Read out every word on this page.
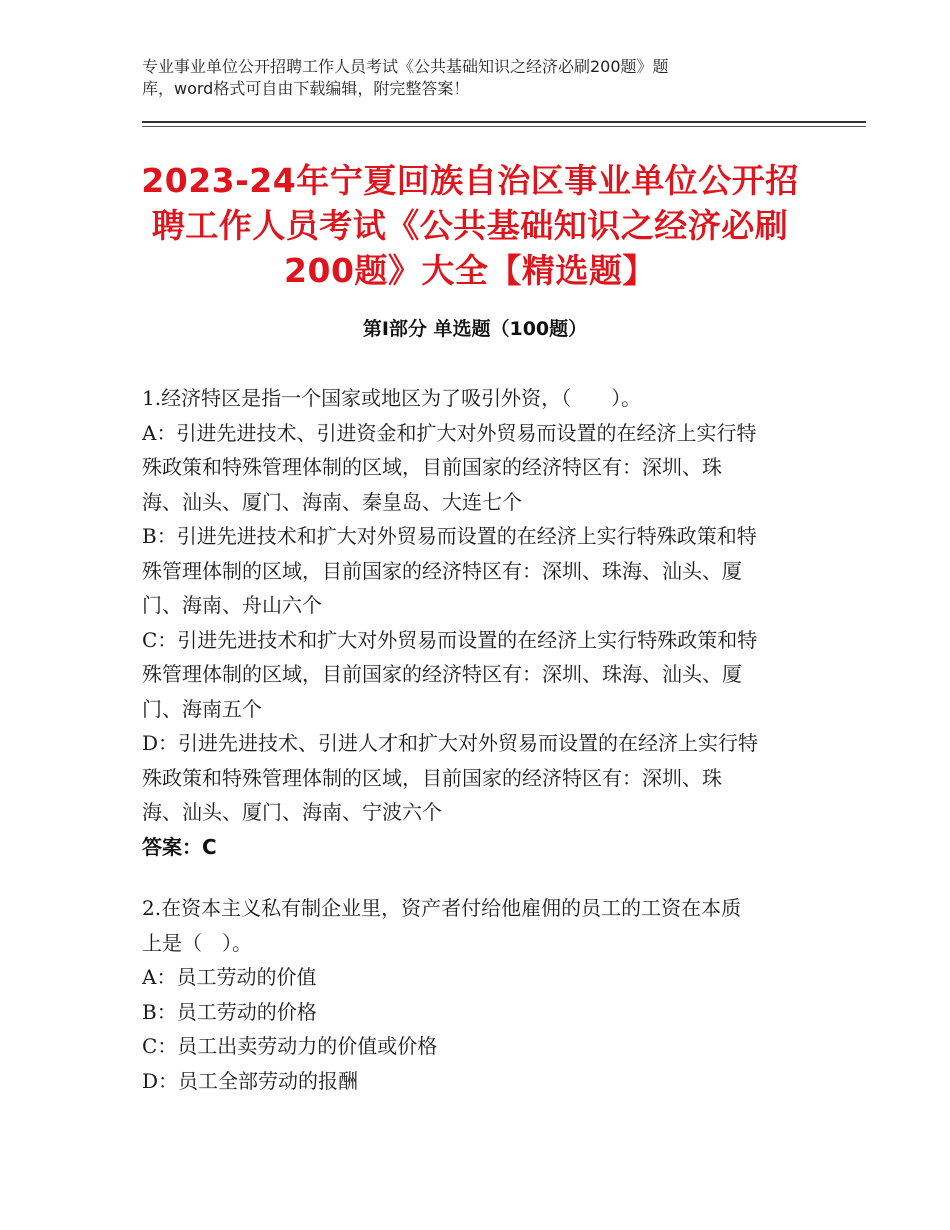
专业事业单位公开招聘工作人员考试《公共基础知识之经济必刷200题》题
库，word格式可自由下载编辑，附完整答案！
2023-24年宁夏回族自治区事业单位公开招
聘工作人员考试《公共基础知识之经济必刷
200题》大全【精选题】
第Ⅰ部分 单选题（100题）
1.经济特区是指一个国家或地区为了吸引外资，（　　）。
A：引进先进技术、引进资金和扩大对外贸易而设置的在经济上实行特
殊政策和特殊管理体制的区域，目前国家的经济特区有：深圳、珠
海、汕头、厦门、海南、秦皇岛、大连七个
B：引进先进技术和扩大对外贸易而设置的在经济上实行特殊政策和特
殊管理体制的区域，目前国家的经济特区有：深圳、珠海、汕头、厦
门、海南、舟山六个
C：引进先进技术和扩大对外贸易而设置的在经济上实行特殊政策和特
殊管理体制的区域，目前国家的经济特区有：深圳、珠海、汕头、厦
门、海南五个
D：引进先进技术、引进人才和扩大对外贸易而设置的在经济上实行特
殊政策和特殊管理体制的区域，目前国家的经济特区有：深圳、珠
海、汕头、厦门、海南、宁波六个
答案：C
2.在资本主义私有制企业里，资产者付给他雇佣的员工的工资在本质
上是（　）。
A：员工劳动的价值
B：员工劳动的价格
C：员工出卖劳动力的价值或价格
D：员工全部劳动的报酬
